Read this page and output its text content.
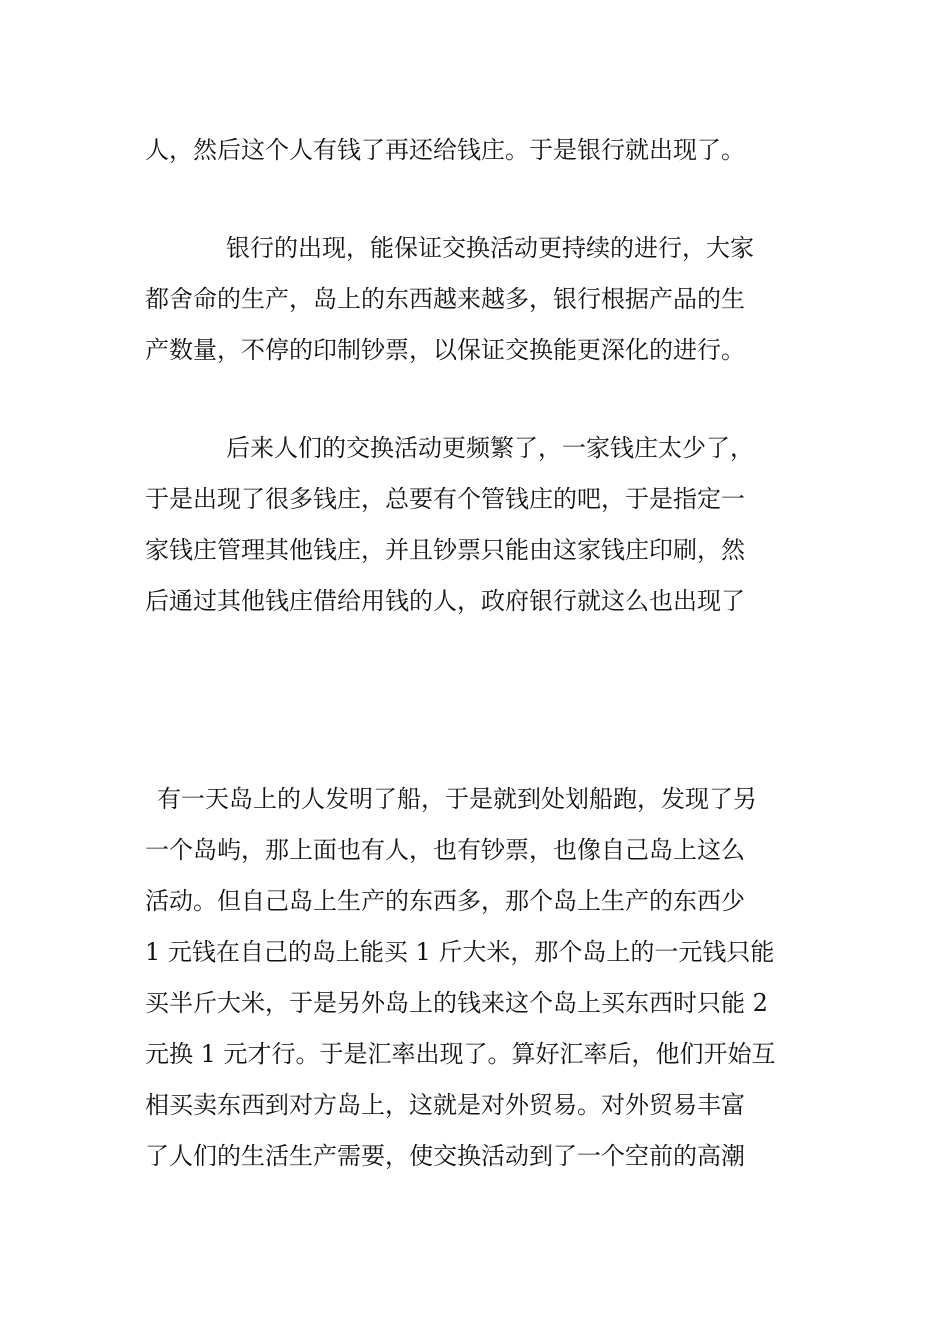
人，然后这个人有钱了再还给钱庄。于是银行就出现了。
银行的出现，能保证交换活动更持续的进行，大家
都舍命的生产，岛上的东西越来越多，银行根据产品的生
产数量，不停的印制钞票，以保证交换能更深化的进行。
后来人们的交换活动更频繁了，一家钱庄太少了，
于是出现了很多钱庄，总要有个管钱庄的吧，于是指定一
家钱庄管理其他钱庄，并且钞票只能由这家钱庄印刷，然
后通过其他钱庄借给用钱的人，政府银行就这么也出现了
有一天岛上的人发明了船，于是就到处划船跑，发现了另
一个岛屿，那上面也有人，也有钞票，也像自己岛上这么
活动。但自己岛上生产的东西多，那个岛上生产的东西少
1 元钱在自己的岛上能买 1 斤大米，那个岛上的一元钱只能
买半斤大米，于是另外岛上的钱来这个岛上买东西时只能 2
元换 1 元才行。于是汇率出现了。算好汇率后，他们开始互
相买卖东西到对方岛上，这就是对外贸易。对外贸易丰富
了人们的生活生产需要，使交换活动到了一个空前的高潮
